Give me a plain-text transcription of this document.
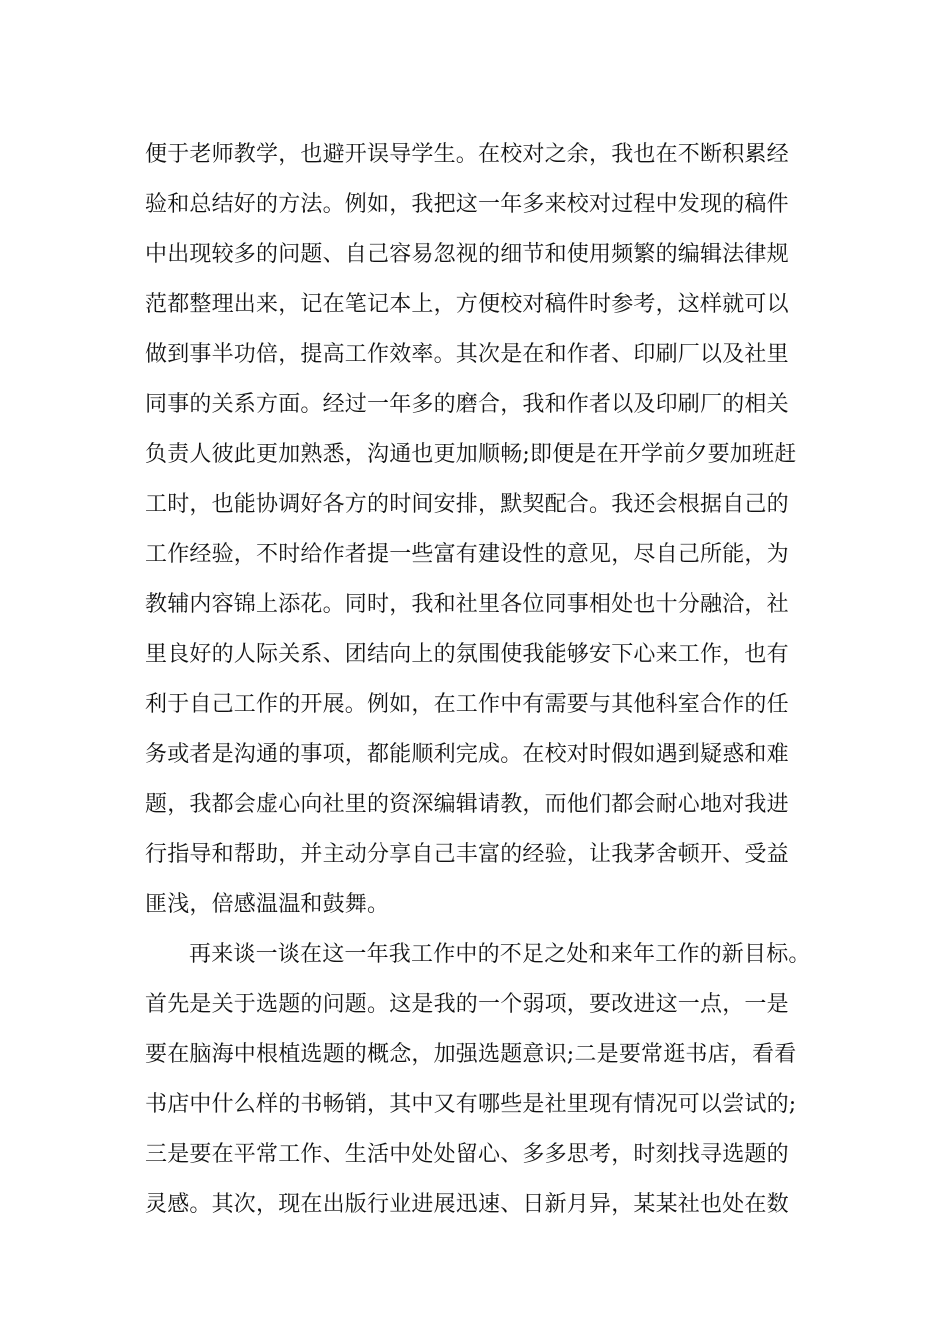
便于老师教学，也避开误导学生。在校对之余，我也在不断积累经
验和总结好的方法。例如，我把这一年多来校对过程中发现的稿件
中出现较多的问题、自己容易忽视的细节和使用频繁的编辑法律规
范都整理出来，记在笔记本上，方便校对稿件时参考，这样就可以
做到事半功倍，提高工作效率。其次是在和作者、印刷厂以及社里
同事的关系方面。经过一年多的磨合，我和作者以及印刷厂的相关
负责人彼此更加熟悉，沟通也更加顺畅;即便是在开学前夕要加班赶
工时，也能协调好各方的时间安排，默契配合。我还会根据自己的
工作经验，不时给作者提一些富有建设性的意见，尽自己所能，为
教辅内容锦上添花。同时，我和社里各位同事相处也十分融洽，社
里良好的人际关系、团结向上的氛围使我能够安下心来工作，也有
利于自己工作的开展。例如，在工作中有需要与其他科室合作的任
务或者是沟通的事项，都能顺利完成。在校对时假如遇到疑惑和难
题，我都会虚心向社里的资深编辑请教，而他们都会耐心地对我进
行指导和帮助，并主动分享自己丰富的经验，让我茅舍顿开、受益
匪浅，倍感温温和鼓舞。
再来谈一谈在这一年我工作中的不足之处和来年工作的新目标。
首先是关于选题的问题。这是我的一个弱项，要改进这一点，一是
要在脑海中根植选题的概念，加强选题意识;二是要常逛书店，看看
书店中什么样的书畅销，其中又有哪些是社里现有情况可以尝试的;
三是要在平常工作、生活中处处留心、多多思考，时刻找寻选题的
灵感。其次，现在出版行业进展迅速、日新月异，某某社也处在数
